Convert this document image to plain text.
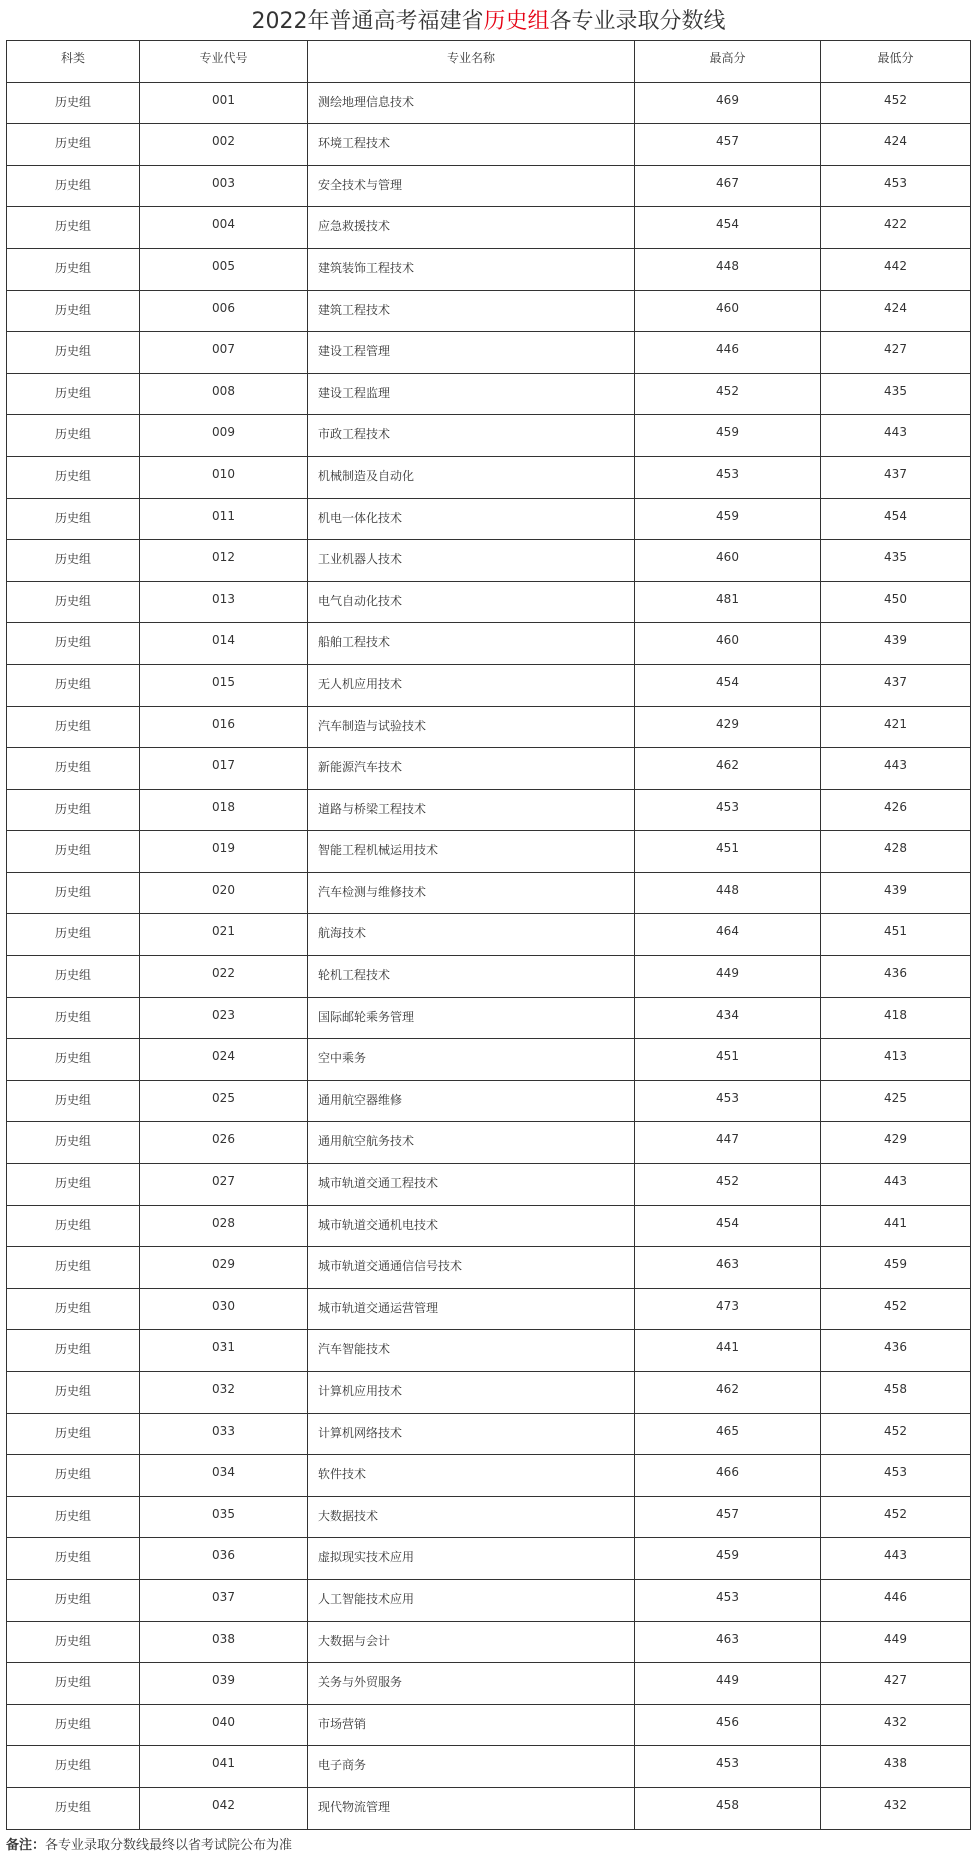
2022年普通高考福建省历史组各专业录取分数线
科类	专业代号	专业名称	最高分	最低分
历史组	001	测绘地理信息技术	469	452
历史组	002	环境工程技术	457	424
历史组	003	安全技术与管理	467	453
历史组	004	应急救援技术	454	422
历史组	005	建筑装饰工程技术	448	442
历史组	006	建筑工程技术	460	424
历史组	007	建设工程管理	446	427
历史组	008	建设工程监理	452	435
历史组	009	市政工程技术	459	443
历史组	010	机械制造及自动化	453	437
历史组	011	机电一体化技术	459	454
历史组	012	工业机器人技术	460	435
历史组	013	电气自动化技术	481	450
历史组	014	船舶工程技术	460	439
历史组	015	无人机应用技术	454	437
历史组	016	汽车制造与试验技术	429	421
历史组	017	新能源汽车技术	462	443
历史组	018	道路与桥梁工程技术	453	426
历史组	019	智能工程机械运用技术	451	428
历史组	020	汽车检测与维修技术	448	439
历史组	021	航海技术	464	451
历史组	022	轮机工程技术	449	436
历史组	023	国际邮轮乘务管理	434	418
历史组	024	空中乘务	451	413
历史组	025	通用航空器维修	453	425
历史组	026	通用航空航务技术	447	429
历史组	027	城市轨道交通工程技术	452	443
历史组	028	城市轨道交通机电技术	454	441
历史组	029	城市轨道交通通信信号技术	463	459
历史组	030	城市轨道交通运营管理	473	452
历史组	031	汽车智能技术	441	436
历史组	032	计算机应用技术	462	458
历史组	033	计算机网络技术	465	452
历史组	034	软件技术	466	453
历史组	035	大数据技术	457	452
历史组	036	虚拟现实技术应用	459	443
历史组	037	人工智能技术应用	453	446
历史组	038	大数据与会计	463	449
历史组	039	关务与外贸服务	449	427
历史组	040	市场营销	456	432
历史组	041	电子商务	453	438
历史组	042	现代物流管理	458	432
备注：各专业录取分数线最终以省考试院公布为准
